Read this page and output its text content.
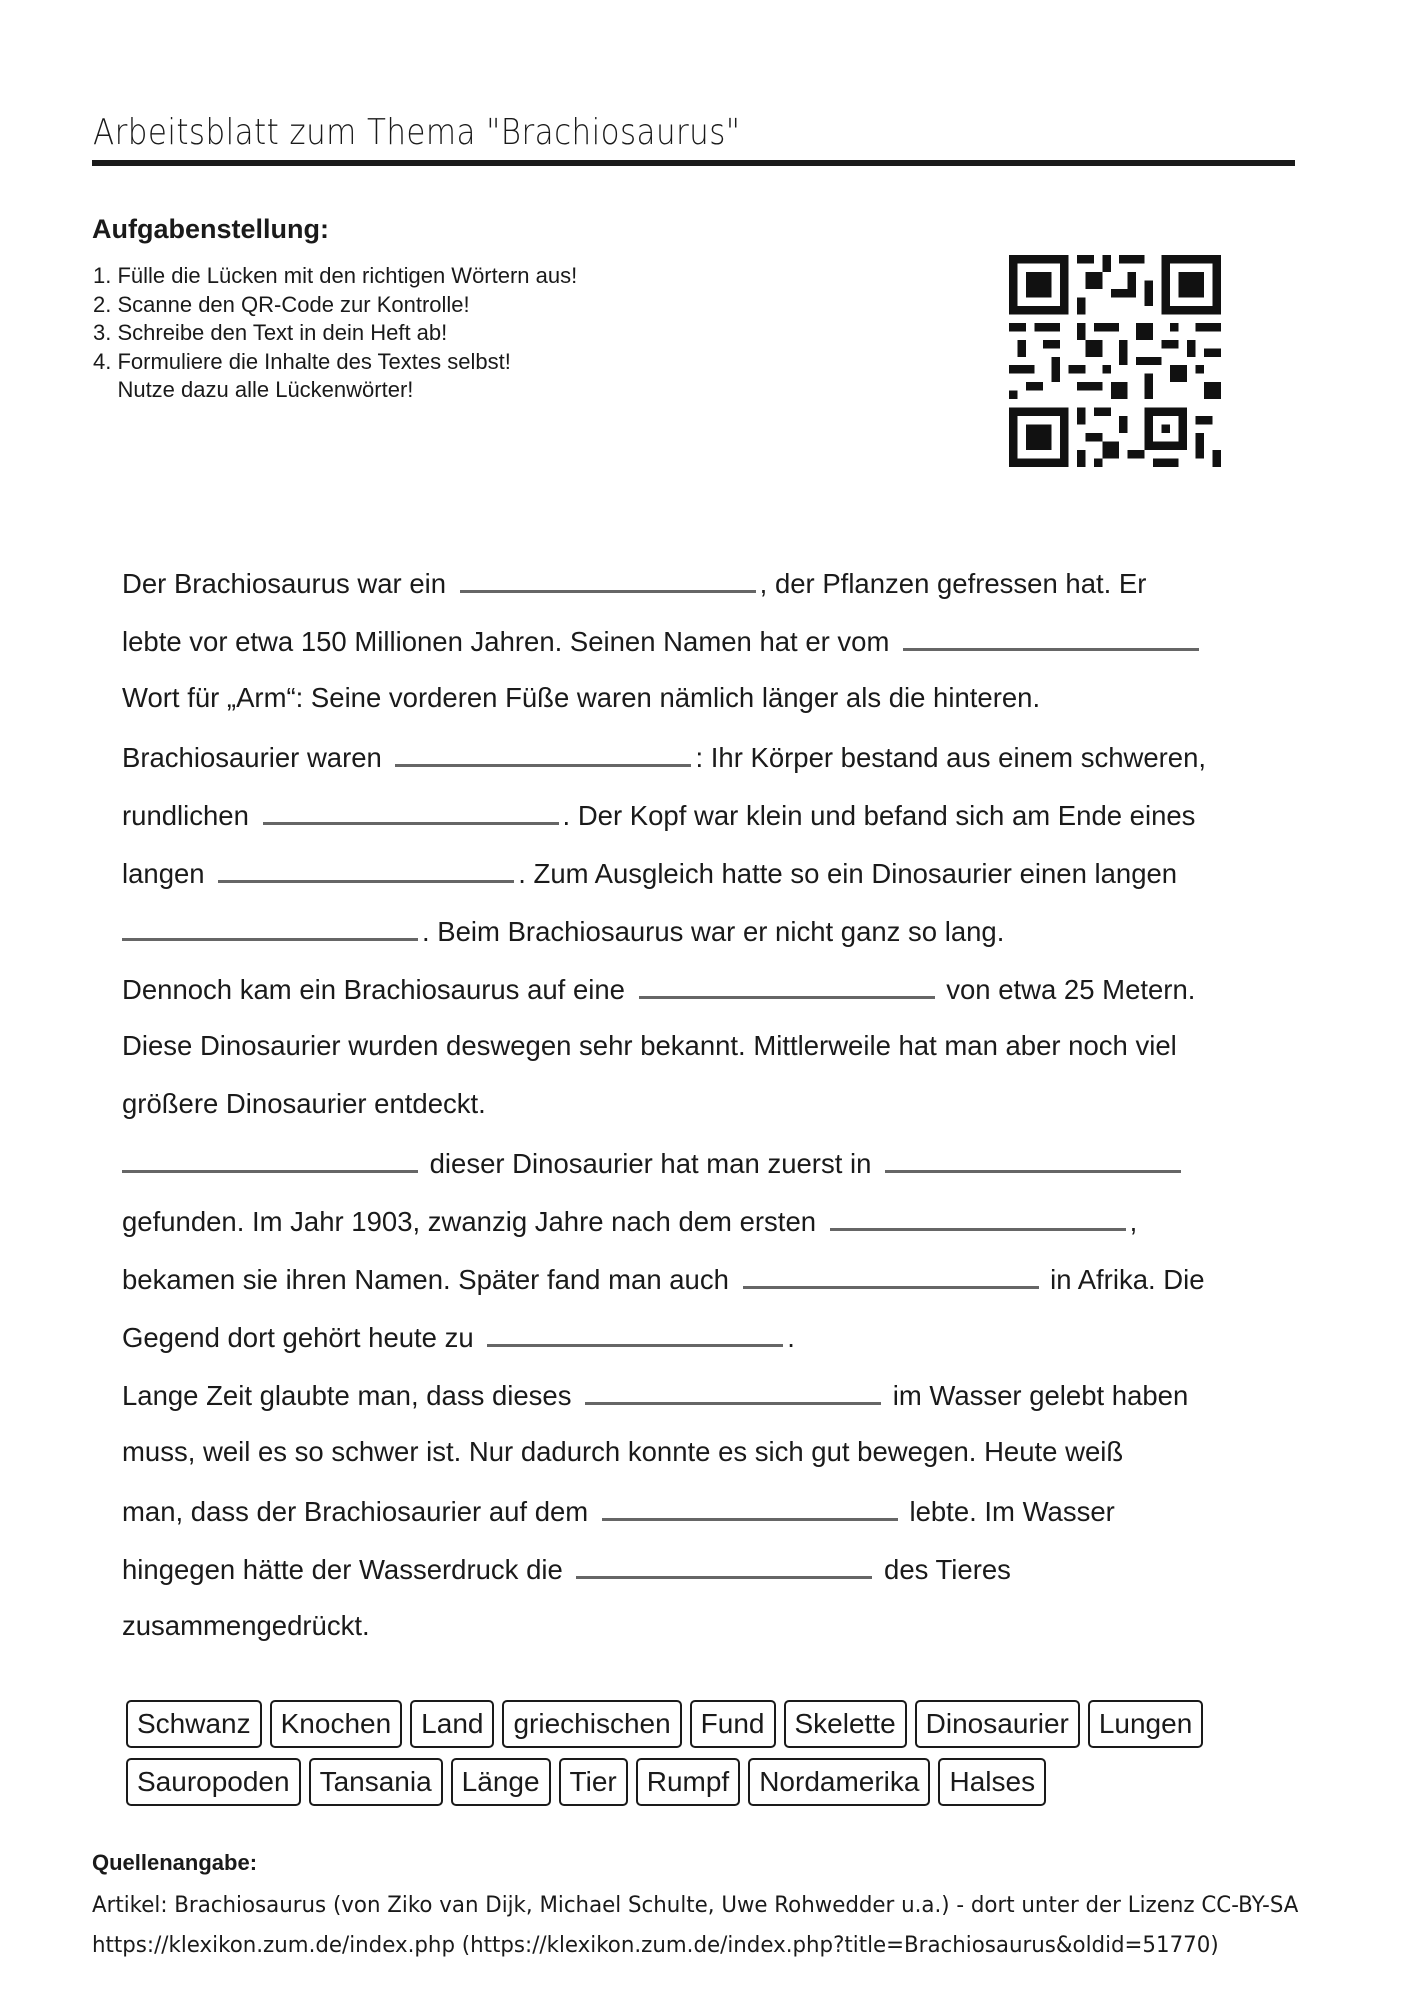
Arbeitsblatt zum Thema "Brachiosaurus"
Aufgabenstellung:
1. Fülle die Lücken mit den richtigen Wörtern aus!
2. Scanne den QR-Code zur Kontrolle!
3. Schreibe den Text in dein Heft ab!
4. Formuliere die Inhalte des Textes selbst!
Nutze dazu alle Lückenwörter!
Der Brachiosaurus war ein	, der Pflanzen gefressen hat. Er
lebte vor etwa 150 Millionen Jahren. Seinen Namen hat er vom
Wort für „Arm“: Seine vorderen Füße waren nämlich länger als die hinteren.
Brachiosaurier waren	: Ihr Körper bestand aus einem schweren,
rundlichen	. Der Kopf war klein und befand sich am Ende eines
langen	. Zum Ausgleich hatte so ein Dinosaurier einen langen
. Beim Brachiosaurus war er nicht ganz so lang.
Dennoch kam ein Brachiosaurus auf eine	von etwa 25 Metern.
Diese Dinosaurier wurden deswegen sehr bekannt. Mittlerweile hat man aber noch viel
größere Dinosaurier entdeckt.
dieser Dinosaurier hat man zuerst in
gefunden. Im Jahr 1903, zwanzig Jahre nach dem ersten	,
bekamen sie ihren Namen. Später fand man auch	in Afrika. Die
Gegend dort gehört heute zu	.
Lange Zeit glaubte man, dass dieses	im Wasser gelebt haben
muss, weil es so schwer ist. Nur dadurch konnte es sich gut bewegen. Heute weiß
man, dass der Brachiosaurier auf dem	lebte. Im Wasser
hingegen hätte der Wasserdruck die	des Tieres
zusammengedrückt.
Schwanz	Knochen	Land	griechischen	Fund	Skelette	Dinosaurier	Lungen
Sauropoden	Tansania	Länge	Tier	Rumpf	Nordamerika	Halses
Quellenangabe:
Artikel: Brachiosaurus (von Ziko van Dijk, Michael Schulte, Uwe Rohwedder u.a.) - dort unter der Lizenz CC-BY-SA
https://klexikon.zum.de/index.php (https://klexikon.zum.de/index.php?title=Brachiosaurus&oldid=51770)
